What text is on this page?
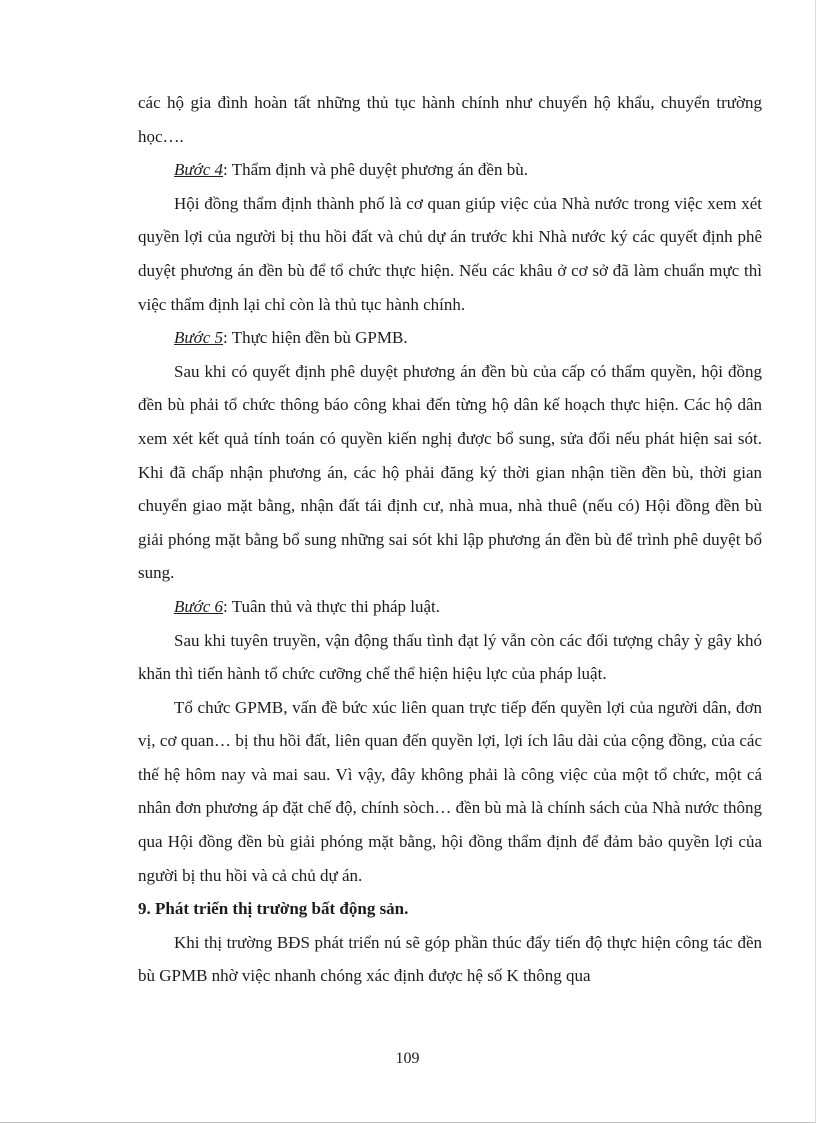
các hộ gia đình hoàn tất những thủ tục hành chính như chuyển hộ khẩu, chuyển trường học….

Bước 4: Thẩm định và phê duyệt phương án đền bù.

Hội đồng thẩm định thành phố là cơ quan giúp việc của Nhà nước trong việc xem xét quyền lợi của người bị thu hồi đất và chủ dự án trước khi Nhà nước ký các quyết định phê duyệt phương án đền bù để tổ chức thực hiện. Nếu các khâu ở cơ sở đã làm chuẩn mực thì việc thẩm định lại chỉ còn là thủ tục hành chính.

Bước 5: Thực hiện đền bù GPMB.

Sau khi có quyết định phê duyệt phương án đền bù của cấp có thẩm quyền, hội đồng đền bù phải tổ chức thông báo công khai đến từng hộ dân kế hoạch thực hiện. Các hộ dân xem xét kết quả tính toán có quyền kiến nghị được bổ sung, sửa đổi nếu phát hiện sai sót. Khi đã chấp nhận phương án, các hộ phải đăng ký thời gian nhận tiền đền bù, thời gian chuyển giao mặt bằng, nhận đất tái định cư, nhà mua, nhà thuê (nếu có) Hội đồng đền bù giải phóng mặt bằng bổ sung những sai sót khi lập phương án đền bù để trình phê duyệt bổ sung.

Bước 6: Tuân thủ và thực thi pháp luật.

Sau khi tuyên truyền, vận động thấu tình đạt lý vẫn còn các đối tượng chây ỳ gây khó khăn thì tiến hành tổ chức cưỡng chế thể hiện hiệu lực của pháp luật.

Tổ chức GPMB, vấn đề bức xúc liên quan trực tiếp đến quyền lợi của người dân, đơn vị, cơ quan… bị thu hồi đất, liên quan đến quyền lợi, lợi ích lâu dài của cộng đồng, của các thế hệ hôm nay và mai sau. Vì vậy, đây không phải là công việc của một tổ chức, một cá nhân đơn phương áp đặt chế độ, chính sòch… đền bù mà là chính sách của Nhà nước thông qua Hội đồng đền bù giải phóng mặt bằng, hội đồng thẩm định để đảm bảo quyền lợi của người bị thu hồi và cả chủ dự án.

9. Phát triển thị trường bất động sản.

Khi thị trường BĐS phát triển nú sẽ góp phần thúc đẩy tiến độ thực hiện công tác đền bù GPMB nhờ việc nhanh chóng xác định được hệ số K thông qua

109
